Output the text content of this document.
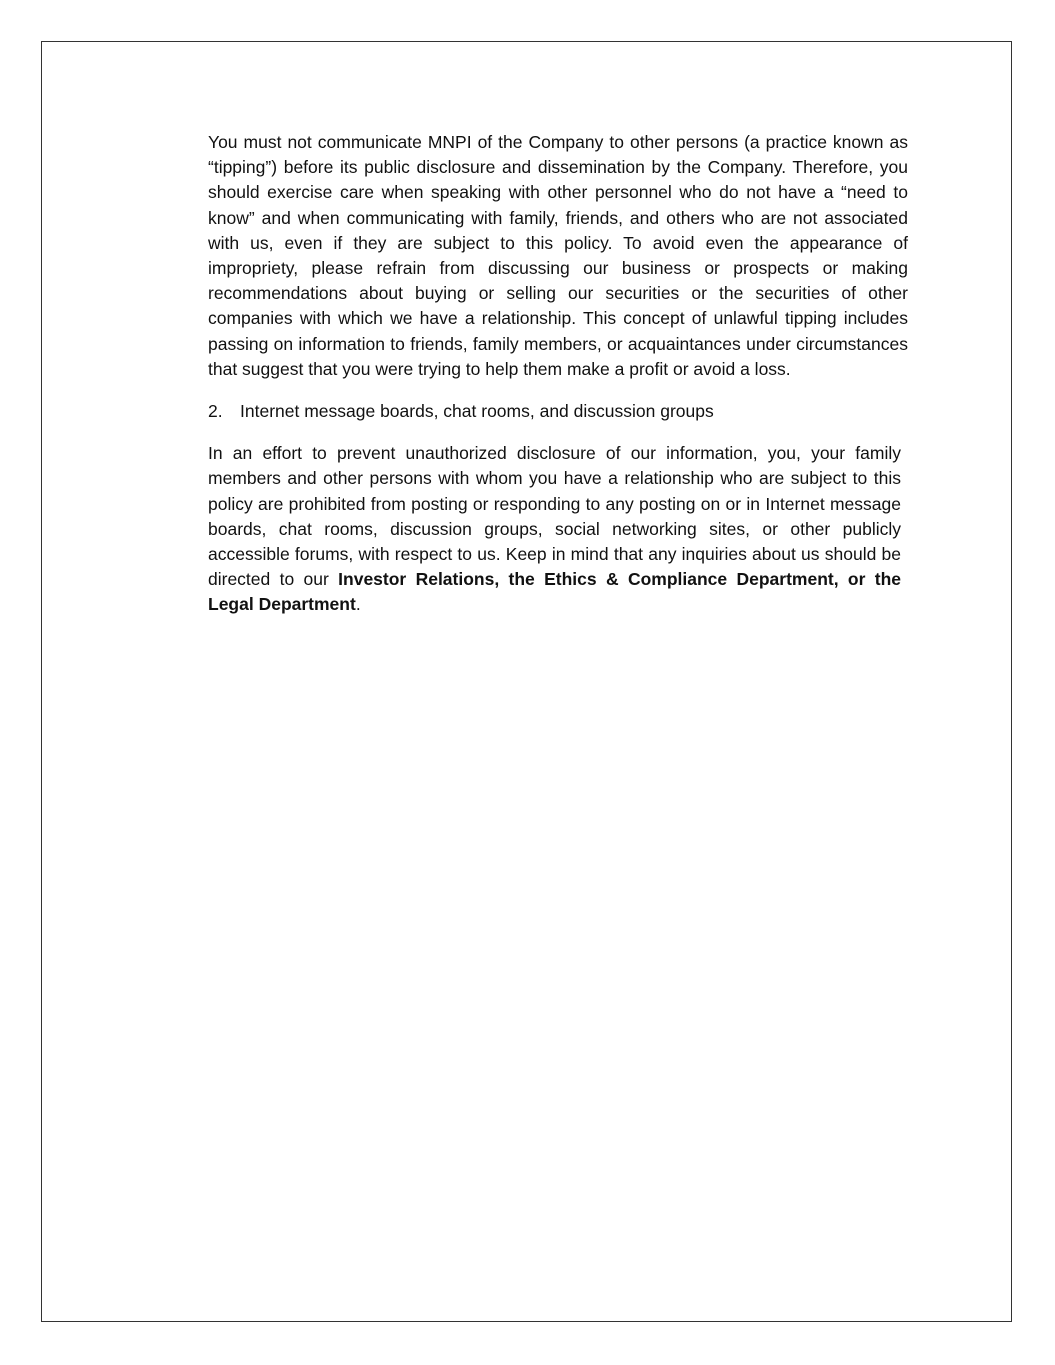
You must not communicate MNPI of the Company to other persons (a practice known as “tipping”) before its public disclosure and dissemination by the Company. Therefore, you should exercise care when speaking with other personnel who do not have a “need to know” and when communicating with family, friends, and others who are not associated with us, even if they are subject to this policy. To avoid even the appearance of impropriety, please refrain from discussing our business or prospects or making recommendations about buying or selling our securities or the securities of other companies with which we have a relationship. This concept of unlawful tipping includes passing on information to friends, family members, or acquaintances under circumstances that suggest that you were trying to help them make a profit or avoid a loss.

2. Internet message boards, chat rooms, and discussion groups

In an effort to prevent unauthorized disclosure of our information, you, your family members and other persons with whom you have a relationship who are subject to this policy are prohibited from posting or responding to any posting on or in Internet message boards, chat rooms, discussion groups, social networking sites, or other publicly accessible forums, with respect to us. Keep in mind that any inquiries about us should be directed to our Investor Relations, the Ethics & Compliance Department, or the Legal Department.
